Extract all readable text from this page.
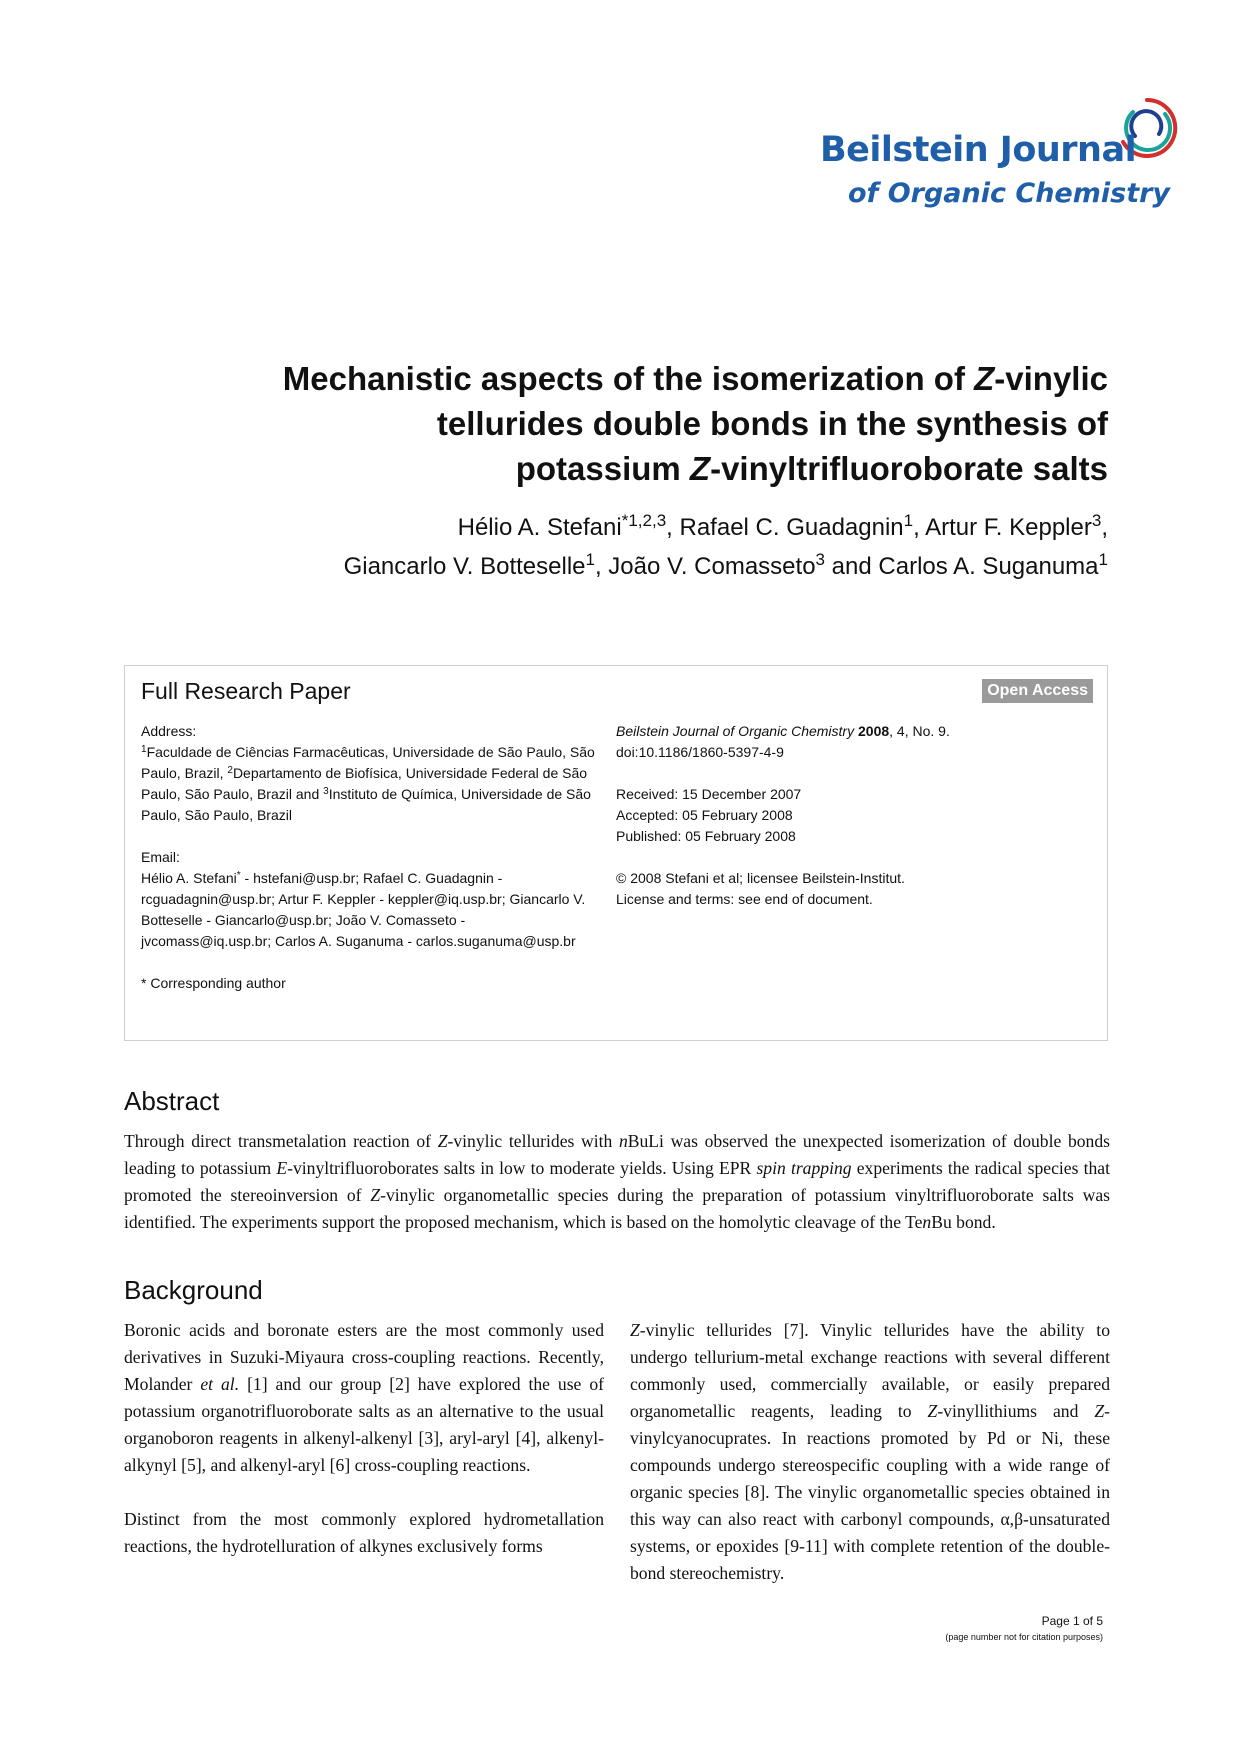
Beilstein Journal
of Organic Chemistry
Mechanistic aspects of the isomerization of Z-vinylic
tellurides double bonds in the synthesis of
potassium Z-vinyltrifluoroborate salts
Hélio A. Stefani$^{*1,2,3}$, Rafael C. Guadagnin$^1$, Artur F. Keppler$^3$,
Giancarlo V. Botteselle$^1$, João V. Comasseto$^3$ and Carlos A. Suganuma$^1$
Full Research Paper	Open Access

Address:
$^1$Faculdade de Ciências Farmacêuticas, Universidade de São Paulo, São Paulo, Brazil, $^2$Departamento de Biofísica, Universidade Federal de São Paulo, São Paulo, Brazil and $^3$Instituto de Química, Universidade de São Paulo, São Paulo, Brazil

Email:
Hélio A. Stefani* - hstefani@usp.br; Rafael C. Guadagnin - rcguadagnin@usp.br; Artur F. Keppler - keppler@iq.usp.br; Giancarlo V. Botteselle - Giancarlo@usp.br; João V. Comasseto - jvcomass@iq.usp.br; Carlos A. Suganuma - carlos.suganuma@usp.br

* Corresponding author

Beilstein Journal of Organic Chemistry 2008, 4, No. 9.
doi:10.1186/1860-5397-4-9

Received: 15 December 2007
Accepted: 05 February 2008
Published: 05 February 2008

© 2008 Stefani et al; licensee Beilstein-Institut.
License and terms: see end of document.

Abstract

Through direct transmetalation reaction of Z-vinylic tellurides with nBuLi was observed the unexpected isomerization of double bonds leading to potassium E-vinyltrifluoroborates salts in low to moderate yields. Using EPR spin trapping experiments the radical species that promoted the stereoinversion of Z-vinylic organometallic species during the preparation of potassium vinyltrifluoroborate salts was identified. The experiments support the proposed mechanism, which is based on the homolytic cleavage of the TenBu bond.

Background

Boronic acids and boronate esters are the most commonly used derivatives in Suzuki-Miyaura cross-coupling reactions. Recently, Molander et al. [1] and our group [2] have explored the use of potassium organotrifluoroborate salts as an alternative to the usual organoboron reagents in alkenyl-alkenyl [3], aryl-aryl [4], alkenyl-alkynyl [5], and alkenyl-aryl [6] cross-coupling reactions.

Distinct from the most commonly explored hydrometallation reactions, the hydrotelluration of alkynes exclusively forms

Z-vinylic tellurides [7]. Vinylic tellurides have the ability to undergo tellurium-metal exchange reactions with several different commonly used, commercially available, or easily prepared organometallic reagents, leading to Z-vinyllithiums and Z-vinylcyanocuprates. In reactions promoted by Pd or Ni, these compounds undergo stereospecific coupling with a wide range of organic species [8]. The vinylic organometallic species obtained in this way can also react with carbonyl compounds, α,β-unsaturated systems, or epoxides [9-11] with complete retention of the double-bond stereochemistry.

Page 1 of 5
(page number not for citation purposes)
